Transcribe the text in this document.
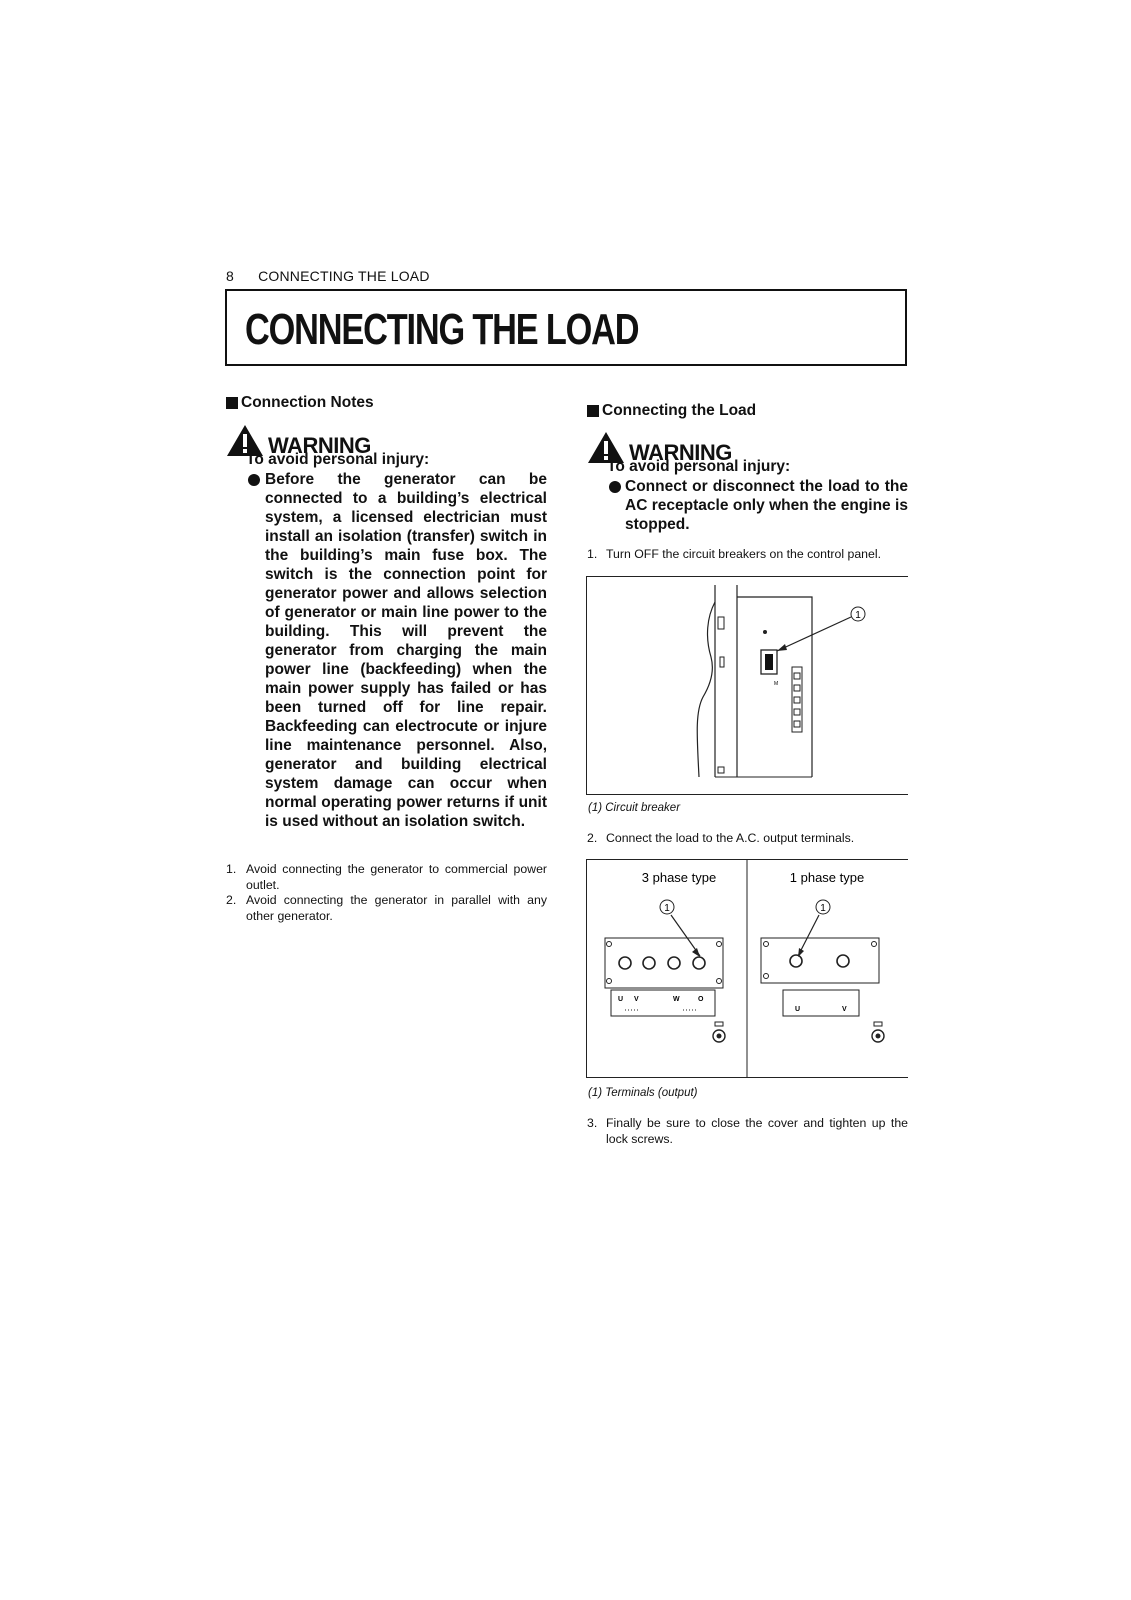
8 CONNECTING THE LOAD
CONNECTING THE LOAD
Connection Notes
WARNING
To avoid personal injury:
Before the generator can be connected to a building’s electrical system, a licensed electrician must install an isolation (transfer) switch in the building’s main fuse box. The switch is the connection point for generator power and allows selection of generator or main line power to the building. This will prevent the generator from charging the main power line (backfeeding) when the main power supply has failed or has been turned off for line repair. Backfeeding can electrocute or injure line maintenance personnel. Also, generator and building electrical system damage can occur when normal operating power returns if unit is used without an isolation switch.
1. Avoid connecting the generator to commercial power outlet.
2. Avoid connecting the generator in parallel with any other generator.
Connecting the Load
WARNING
To avoid personal injury:
Connect or disconnect the load to the AC receptacle only when the engine is stopped.
1. Turn OFF the circuit breakers on the control panel.
M
1
(1) Circuit breaker
2. Connect the load to the A.C. output terminals.
3 phase type	1 phase type
1
U V	W	O
1
U	V
(1) Terminals (output)
3. Finally be sure to close the cover and tighten up the lock screws.
